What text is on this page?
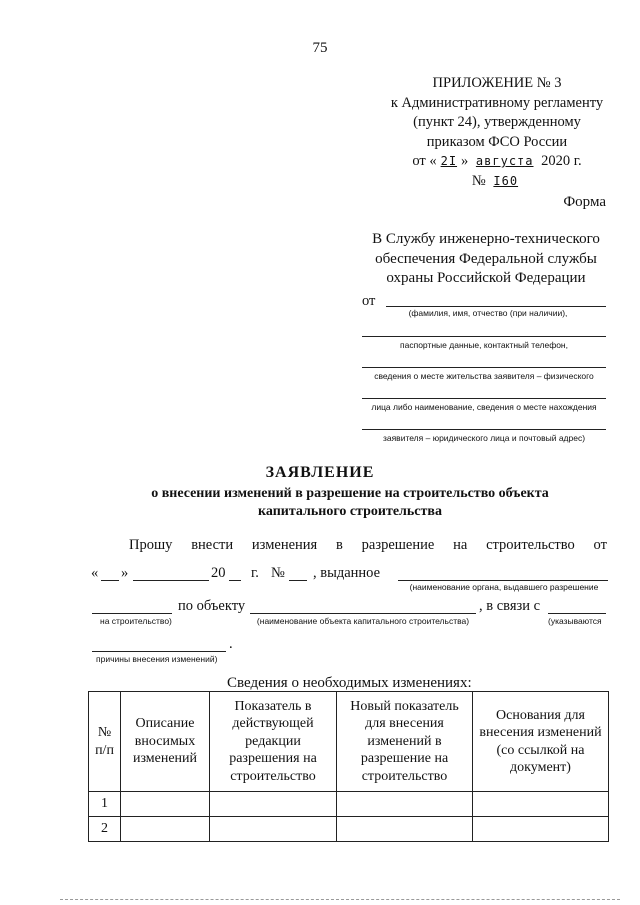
75
ПРИЛОЖЕНИЕ № 3
к Административному регламенту
(пункт 24), утвержденному
приказом ФСО России
от « 2I » августа 2020 г.
№ I60
Форма
В Службу инженерно-технического
обеспечения Федеральной службы
охраны Российской Федерации
от
(фамилия, имя, отчество (при наличии),
паспортные данные, контактный телефон,
сведения о месте жительства заявителя – физического
лица либо наименование, сведения о месте нахождения
заявителя – юридического лица и почтовый адрес)
ЗАЯВЛЕНИЕ
о внесении изменений в разрешение на строительство объекта
капитального строительства
Прошу внести изменения в разрешение на строительство от
« »	20 г. № , выданное
(наименование органа, выдавшего разрешение
на строительство)
по объекту
(наименование объекта капитального строительства)
, в связи с
(указываются
.
причины внесения изменений)
Сведения о необходимых изменениях:
№ п/п	Описание вносимых изменений	Показатель в действующей редакции разрешения на строительство	Новый показатель для внесения изменений в разрешение на строительство	Основания для внесения изменений (со ссылкой на документ)
1				
2				
